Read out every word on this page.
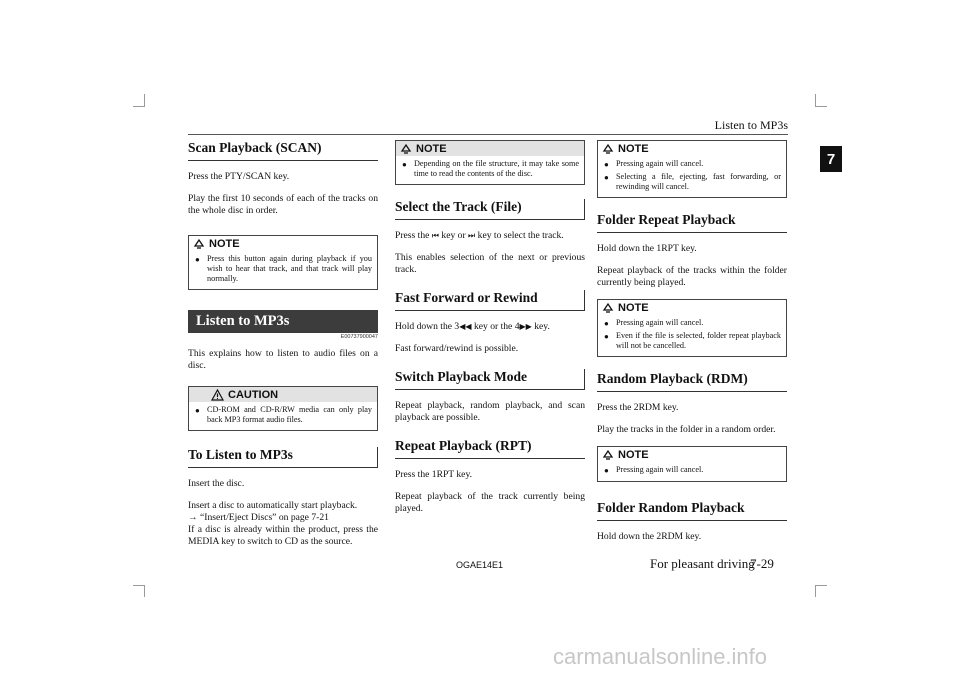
Listen to MP3s
7
Scan Playback (SCAN)

Press the PTY/SCAN key.

Play the first 10 seconds of each of the tracks on the whole disc in order.

NOTE
● Press this button again during playback if you wish to hear that track, and that track will play normally.
Listen to MP3s
E00737900047

This explains how to listen to audio files on a disc.

CAUTION
● CD-ROM and CD-R/RW media can only play back MP3 format audio files.
To Listen to MP3s

Insert the disc.

Insert a disc to automatically start playback.

→ “Insert/Eject Discs” on page 7-21

If a disc is already within the product, press the MEDIA key to switch to CD as the source.

NOTE
● Depending on the file structure, it may take some time to read the contents of the disc.
Select the Track (File)

Press the ⏮ key or ⏭ key to select the track.

This enables selection of the next or previous track.

Fast Forward or Rewind

Hold down the 3◀◀ key or the 4▶▶ key.

Fast forward/rewind is possible.

Switch Playback Mode

Repeat playback, random playback, and scan playback are possible.

Repeat Playback (RPT)

Press the 1RPT key.

Repeat playback of the track currently being played.

NOTE
● Pressing again will cancel.
● Selecting a file, ejecting, fast forwarding, or rewinding will cancel.
Folder Repeat Playback

Hold down the 1RPT key.

Repeat playback of the tracks within the folder currently being played.

NOTE
● Pressing again will cancel.
● Even if the file is selected, folder repeat playback will not be cancelled.
Random Playback (RDM)

Press the 2RDM key.

Play the tracks in the folder in a random order.

NOTE
● Pressing again will cancel.
Folder Random Playback

Hold down the 2RDM key.

OGAE14E1	For pleasant driving
7-29
carmanualsonline.info
